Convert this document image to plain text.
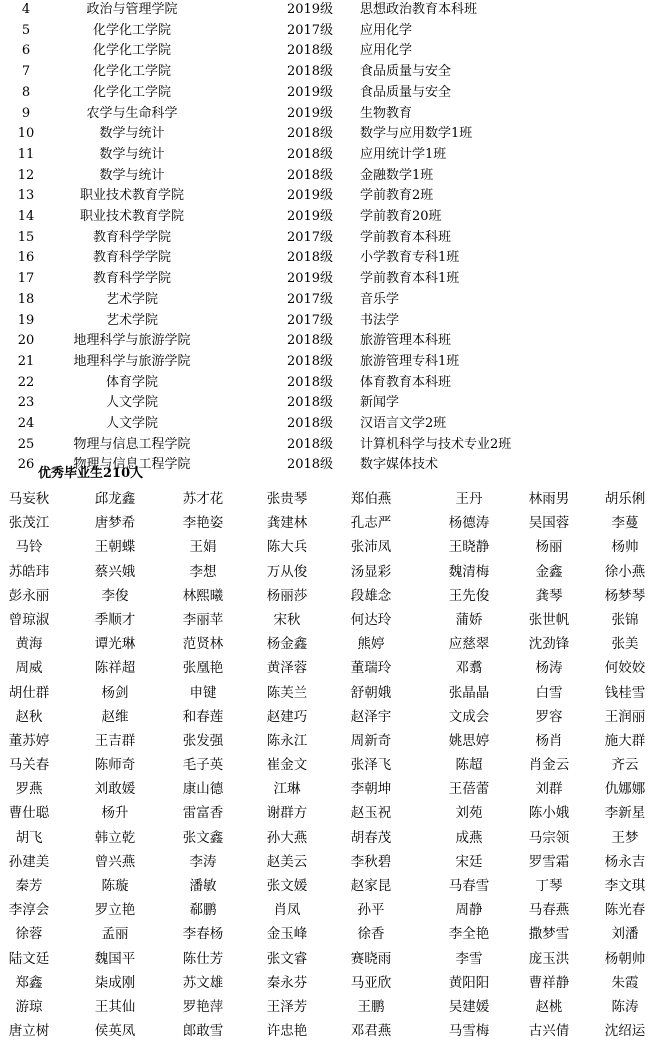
4	政治与管理学院	2019级	思想政治教育本科班
5	化学化工学院	2017级	应用化学
6	化学化工学院	2018级	应用化学
7	化学化工学院	2018级	食品质量与安全
8	化学化工学院	2019级	食品质量与安全
9	农学与生命科学	2019级	生物教育
10	数学与统计	2018级	数学与应用数学1班
11	数学与统计	2018级	应用统计学1班
12	数学与统计	2018级	金融数学1班
13	职业技术教育学院	2019级	学前教育2班
14	职业技术教育学院	2019级	学前教育20班
15	教育科学学院	2017级	学前教育本科班
16	教育科学学院	2018级	小学教育专科1班
17	教育科学学院	2019级	学前教育本科1班
18	艺术学院	2017级	音乐学
19	艺术学院	2017级	书法学
20	地理科学与旅游学院	2018级	旅游管理本科班
21	地理科学与旅游学院	2018级	旅游管理专科1班
22	体育学院	2018级	体育教育本科班
23	人文学院	2018级	新闻学
24	人文学院	2018级	汉语言文学2班
25	物理与信息工程学院	2018级	计算机科学与技术专业2班
26	物理与信息工程学院	2018级	数字媒体技术
优秀毕业生210人
马妄秋	邱龙鑫	苏才花	张贵琴	郑伯燕	王丹	林雨男	胡乐俐
张茂江	唐梦希	李艳姿	龚建林	孔志严	杨德涛	吴国蓉	李蔓
马铃	王朝蝶	王娟	陈大兵	张沛凤	王晓静	杨丽	杨帅
苏皓玮	蔡兴娥	李想	万从俊	汤显彩	魏清梅	金鑫	徐小燕
彭永丽	李俊	林熙曦	杨丽莎	段雄念	王先俊	龚琴	杨梦琴
曾琼淑	季顺才	李丽苹	宋秋	何达玲	蒲娇	张世帆	张锦
黄海	谭光琳	范贤林	杨金鑫	熊婷	应慈翠	沈劲锋	张美
周威	陈祥超	张凰艳	黄泽蓉	董瑞玲	邓翥	杨涛	何姣姣
胡仕群	杨剑	申键	陈芙兰	舒朝娥	张晶晶	白雪	钱桂雪
赵秋	赵维	和春莲	赵建巧	赵泽宇	文成会	罗容	王润丽
董苏婷	王吉群	张发强	陈永江	周新奇	姚思婷	杨肖	施大群
马关春	陈师奇	毛子英	崔金文	张泽飞	陈超	肖金云	齐云
罗燕	刘敢媛	康山德	江琳	李朝坤	王蓓蕾	刘群	仇娜娜
曹仕聪	杨升	雷富香	谢群方	赵玉祝	刘苑	陈小娥	李新星
胡飞	韩立乾	张文鑫	孙大燕	胡春茂	成燕	马宗领	王梦
孙建美	曾兴燕	李涛	赵美云	李秋碧	宋廷	罗雪霜	杨永吉
秦芳	陈璇	潘敏	张文媛	赵家昆	马春雪	丁琴	李文琪
李淳会	罗立艳	郗鹏	肖凤	孙平	周静	马春燕	陈光春
徐蓉	孟丽	李春杨	金玉峰	徐香	李全艳	撒梦雪	刘潘
陆文廷	魏国平	陈仕芳	张文睿	赛晓雨	李雪	庞玉洪	杨朝帅
郑鑫	柒成刚	苏文雄	秦永芬	马亚欣	黄阳阳	曹祥静	朱霞
游琼	王其仙	罗艳萍	王泽芳	王鹏	吴建媛	赵桃	陈涛
唐立树	侯英凤	郎敢雪	许忠艳	邓君燕	马雪梅	古兴倩	沈绍运
